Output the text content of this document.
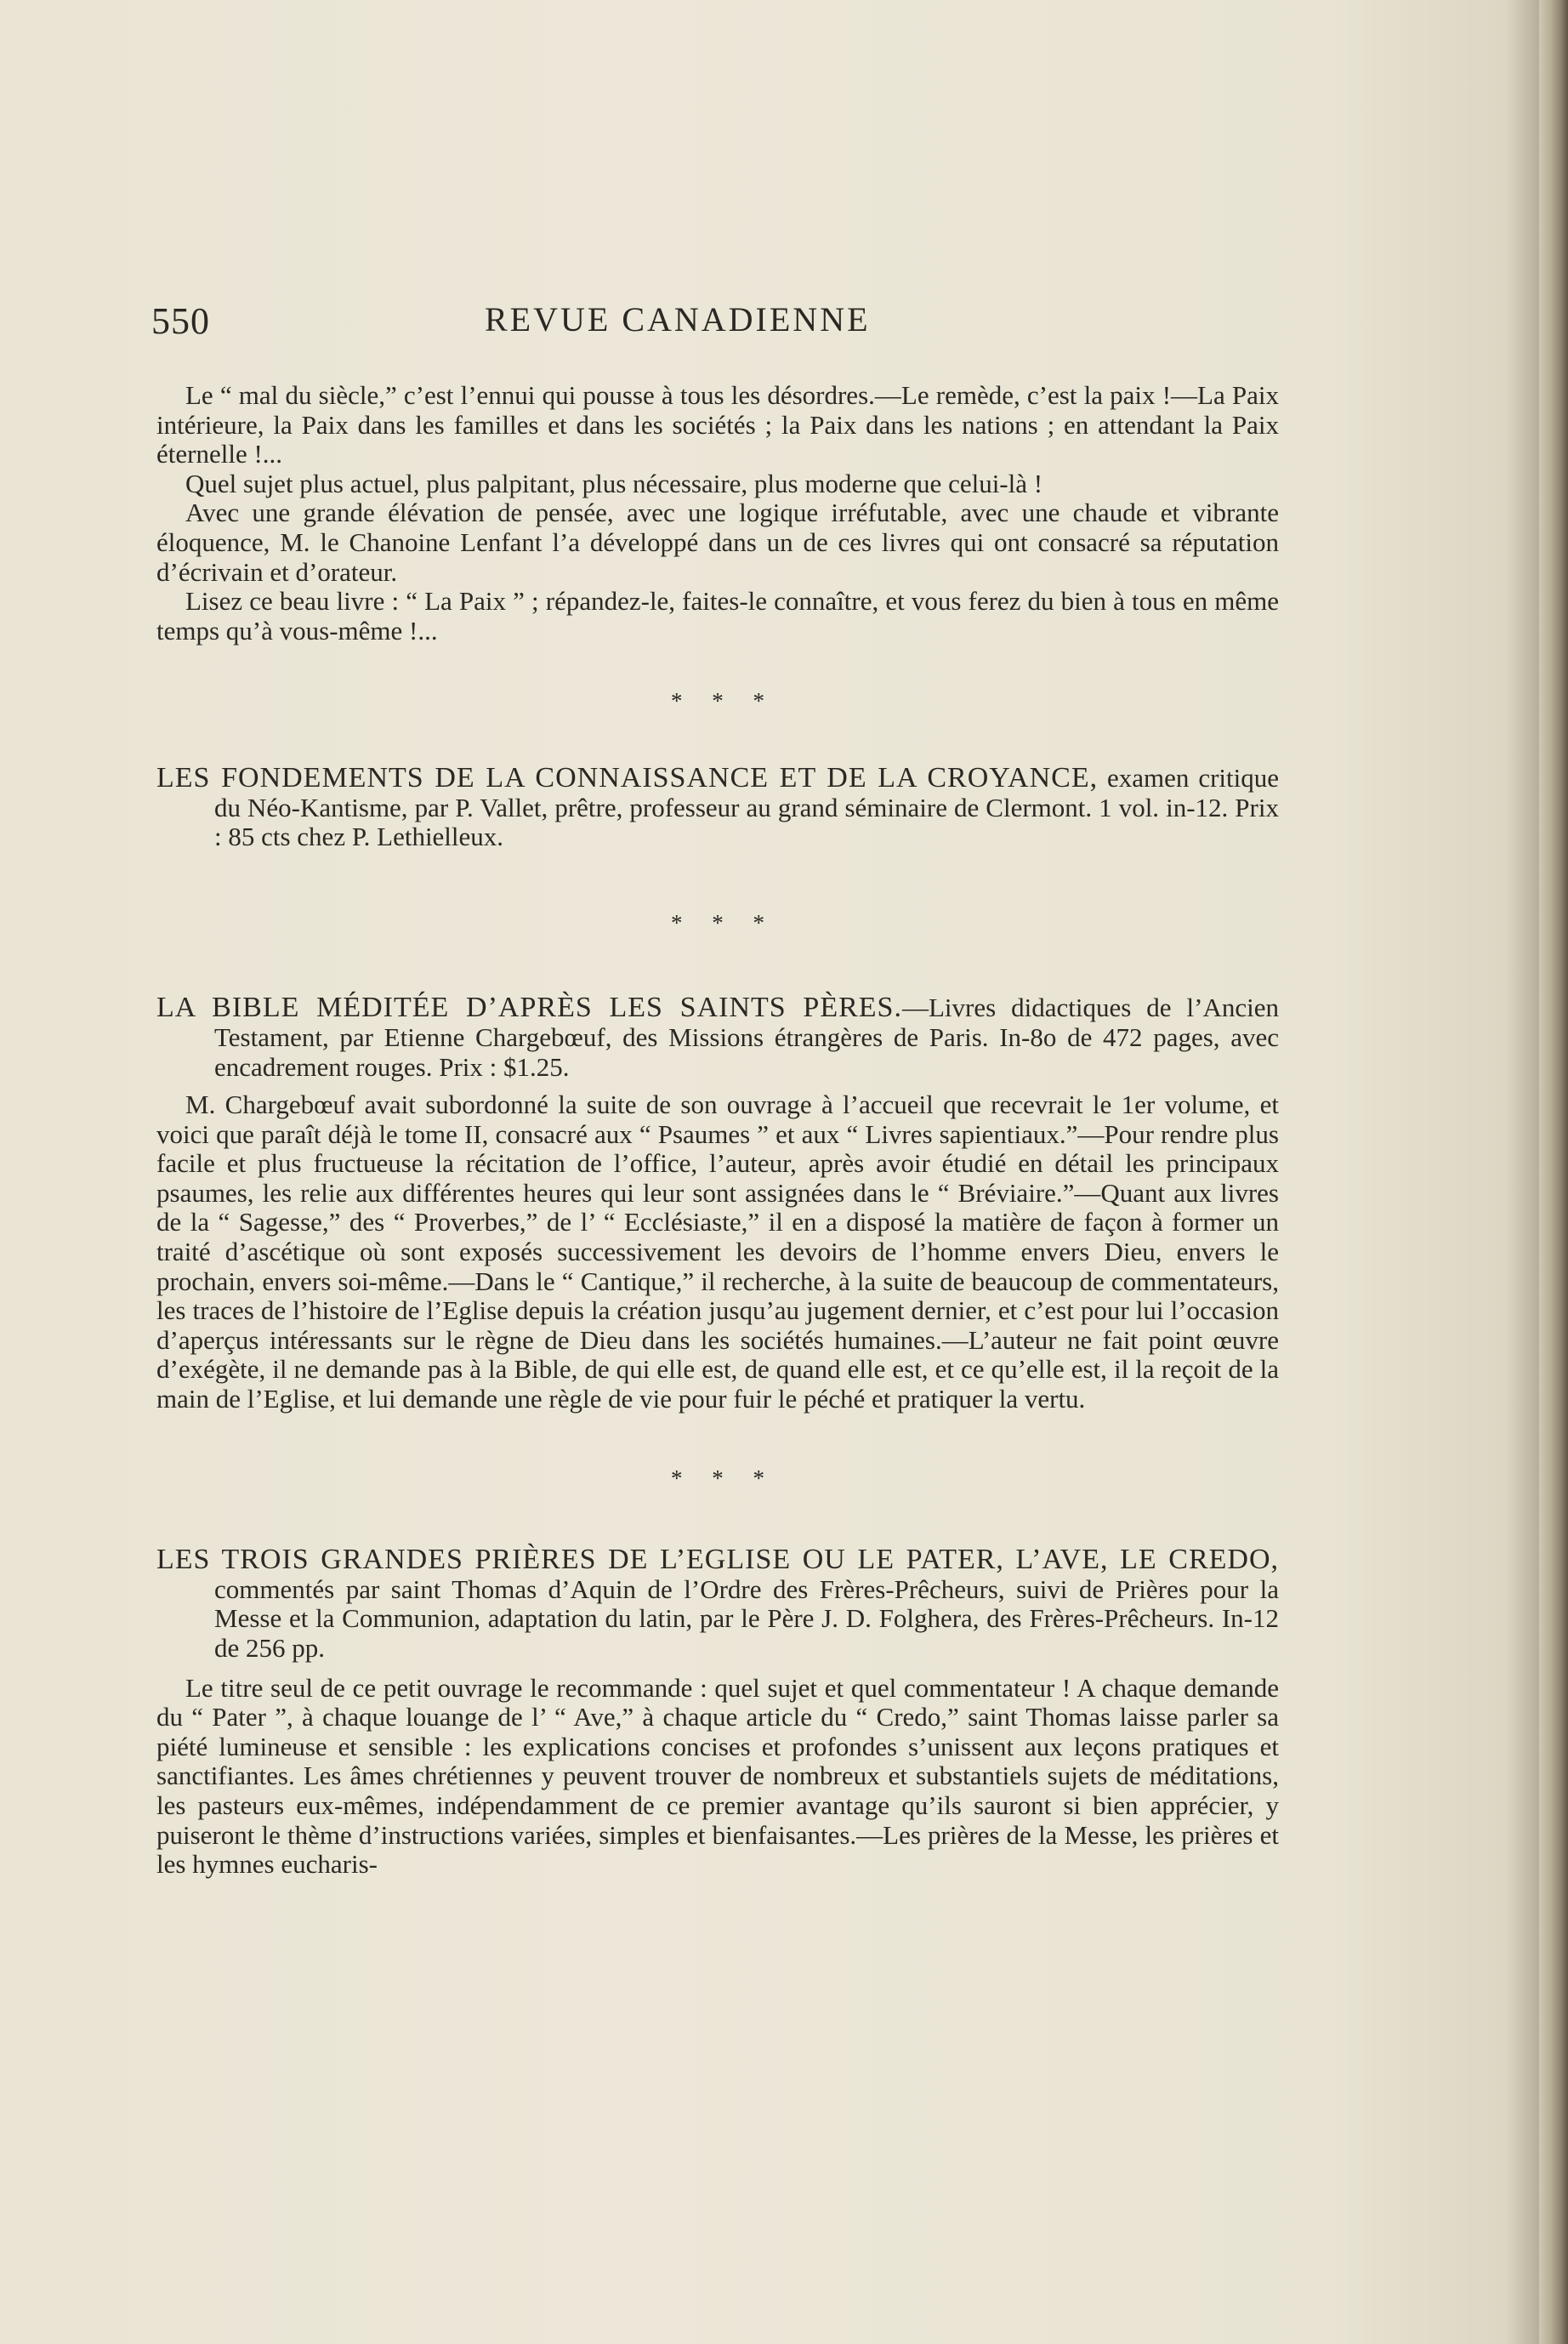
550	REVUE CANADIENNE

Le “ mal du siècle,” c’est l’ennui qui pousse à tous les désordres.—Le remède, c’est la paix !—La Paix intérieure, la Paix dans les familles et dans les sociétés ; la Paix dans les nations ; en attendant la Paix éternelle !...

Quel sujet plus actuel, plus palpitant, plus nécessaire, plus moderne que celui-là !

Avec une grande élévation de pensée, avec une logique irréfutable, avec une chaude et vibrante éloquence, M. le Chanoine Lenfant l’a développé dans un de ces livres qui ont consacré sa réputation d’écrivain et d’orateur.

Lisez ce beau livre : “ La Paix ” ; répandez-le, faites-le connaître, et vous ferez du bien à tous en même temps qu’à vous-même !...

* * *

LES FONDEMENTS DE LA CONNAISSANCE ET DE LA CROYANCE, examen critique du Néo-Kantisme, par P. Vallet, prêtre, professeur au grand séminaire de Clermont. 1 vol. in-12. Prix : 85 cts chez P. Lethielleux.

* * *

LA BIBLE MÉDITÉE D’APRÈS LES SAINTS PÈRES.—Livres didactiques de l’Ancien Testament, par Etienne Chargebœuf, des Missions étrangères de Paris. In-8o de 472 pages, avec encadrement rouges. Prix : $1.25.

M. Chargebœuf avait subordonné la suite de son ouvrage à l’accueil que recevrait le 1er volume, et voici que paraît déjà le tome II, consacré aux “ Psaumes ” et aux “ Livres sapientiaux.”—Pour rendre plus facile et plus fructueuse la récitation de l’office, l’auteur, après avoir étudié en détail les principaux psaumes, les relie aux différentes heures qui leur sont assignées dans le “ Bréviaire.”—Quant aux livres de la “ Sagesse,” des “ Proverbes,” de l’ “ Ecclésiaste,” il en a disposé la matière de façon à former un traité d’ascétique où sont exposés successivement les devoirs de l’homme envers Dieu, envers le prochain, envers soi-même.—Dans le “ Cantique,” il recherche, à la suite de beaucoup de commentateurs, les traces de l’histoire de l’Eglise depuis la création jusqu’au jugement dernier, et c’est pour lui l’occasion d’aperçus intéressants sur le règne de Dieu dans les sociétés humaines.—L’auteur ne fait point œuvre d’exégète, il ne demande pas à la Bible, de qui elle est, de quand elle est, et ce qu’elle est, il la reçoit de la main de l’Eglise, et lui demande une règle de vie pour fuir le péché et pratiquer la vertu.

* * *

LES TROIS GRANDES PRIÈRES DE L’EGLISE OU LE PATER, L’AVE, LE CREDO, commentés par saint Thomas d’Aquin de l’Ordre des Frères-Prêcheurs, suivi de Prières pour la Messe et la Communion, adaptation du latin, par le Père J. D. Folghera, des Frères-Prêcheurs. In-12 de 256 pp.

Le titre seul de ce petit ouvrage le recommande : quel sujet et quel commentateur ! A chaque demande du “ Pater ”, à chaque louange de l’ “ Ave,” à chaque article du “ Credo,” saint Thomas laisse parler sa piété lumineuse et sensible : les explications concises et profondes s’unissent aux leçons pratiques et sanctifiantes. Les âmes chrétiennes y peuvent trouver de nombreux et substantiels sujets de méditations, les pasteurs eux-mêmes, indépendamment de ce premier avantage qu’ils sauront si bien apprécier, y puiseront le thème d’instructions variées, simples et bienfaisantes.—Les prières de la Messe, les prières et les hymnes eucharis-
